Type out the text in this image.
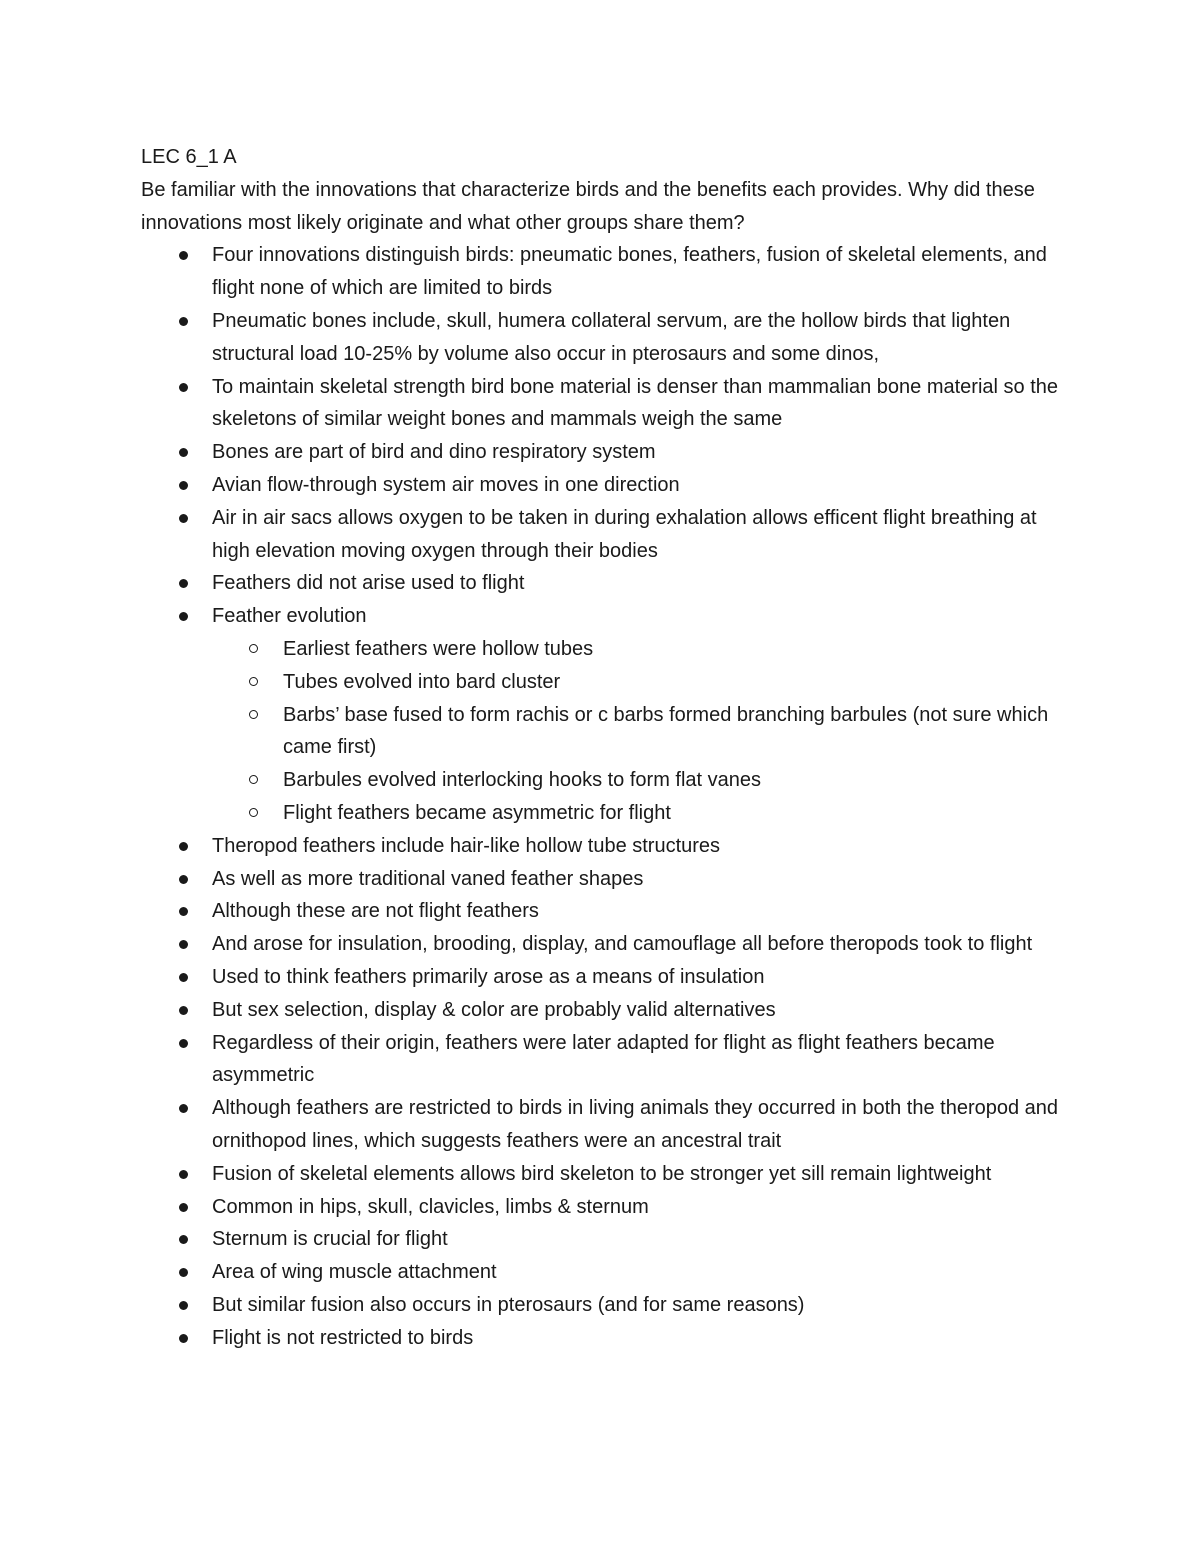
LEC 6_1 A

Be familiar with the innovations that characterize birds and the benefits each provides. Why did these innovations most likely originate and what other groups share them?

Four innovations distinguish birds: pneumatic bones, feathers, fusion of skeletal elements, and flight none of which are limited to birds
Pneumatic bones include, skull, humera collateral servum, are the hollow birds that lighten structural load 10-25% by volume also occur in pterosaurs and some dinos,
To maintain skeletal strength bird bone material is denser than mammalian bone material so the skeletons of similar weight bones and mammals weigh the same
Bones are part of bird and dino respiratory system
Avian flow-through system air moves in one direction
Air in air sacs allows oxygen to be taken in during exhalation allows efficent flight breathing at high elevation moving oxygen through their bodies
Feathers did not arise used to flight
Feather evolution
Earliest feathers were hollow tubes
Tubes evolved into bard cluster
Barbs’ base fused to form rachis or c barbs formed branching barbules (not sure which came first)
Barbules evolved interlocking hooks to form flat vanes
Flight feathers became asymmetric for flight
Theropod feathers include hair-like hollow tube structures
As well as more traditional vaned feather shapes
Although these are not flight feathers
And arose for insulation, brooding, display, and camouflage all before theropods took to flight
Used to think feathers primarily arose as a means of insulation
But sex selection, display & color are probably valid alternatives
Regardless of their origin, feathers were later adapted for flight as flight feathers became asymmetric
Although feathers are restricted to birds in living animals they occurred in both the theropod and ornithopod lines, which suggests feathers were an ancestral trait
Fusion of skeletal elements allows bird skeleton to be stronger yet sill remain lightweight
Common in hips, skull, clavicles, limbs & sternum
Sternum is crucial for flight
Area of wing muscle attachment
But similar fusion also occurs in pterosaurs (and for same reasons)
Flight is not restricted to birds
